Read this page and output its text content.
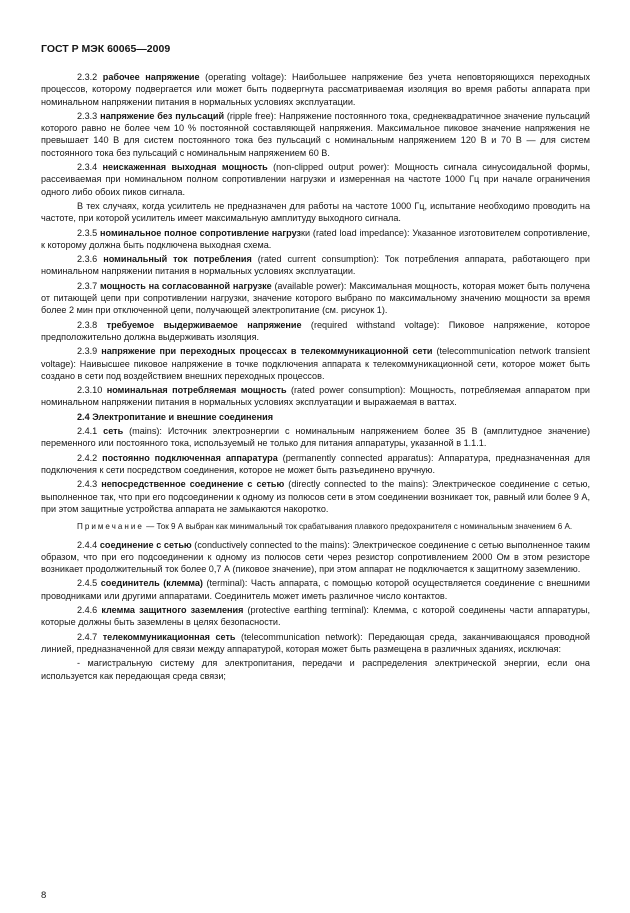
ГОСТ Р МЭК 60065—2009
2.3.2 рабочее напряжение (operating voltage): Наибольшее напряжение без учета неповторяющихся переходных процессов, которому подвергается или может быть подвергнута рассматриваемая изоляция во время работы аппарата при номинальном напряжении питания в нормальных условиях эксплуатации.
2.3.3 напряжение без пульсаций (ripple free): Напряжение постоянного тока, среднеквадратичное значение пульсаций которого равно не более чем 10 % постоянной составляющей напряжения. Максимальное пиковое значение напряжения не превышает 140 В для систем постоянного тока без пульсаций с номинальным напряжением 120 В и 70 В — для систем постоянного тока без пульсаций с номинальным напряжением 60 В.
2.3.4 неискаженная выходная мощность (non-clipped output power): Мощность сигнала синусоидальной формы, рассеиваемая при номинальном полном сопротивлении нагрузки и измеренная на частоте 1000 Гц при начале ограничения одного либо обоих пиков сигнала.
В тех случаях, когда усилитель не предназначен для работы на частоте 1000 Гц, испытание необходимо проводить на частоте, при которой усилитель имеет максимальную амплитуду выходного сигнала.
2.3.5 номинальное полное сопротивление нагрузки (rated load impedance): Указанное изготовителем сопротивление, к которому должна быть подключена выходная схема.
2.3.6 номинальный ток потребления (rated current consumption): Ток потребления аппарата, работающего при номинальном напряжении питания в нормальных условиях эксплуатации.
2.3.7 мощность на согласованной нагрузке (available power): Максимальная мощность, которая может быть получена от питающей цепи при сопротивлении нагрузки, значение которого выбрано по максимальному значению мощности за время более 2 мин при отключенной цепи, получающей электропитание (см. рисунок 1).
2.3.8 требуемое выдерживаемое напряжение (required withstand voltage): Пиковое напряжение, которое предположительно должна выдерживать изоляция.
2.3.9 напряжение при переходных процессах в телекоммуникационной сети (telecommunication network transient voltage): Наивысшее пиковое напряжение в точке подключения аппарата к телекоммуникационной сети, которое может быть создано в сети под воздействием внешних переходных процессов.
2.3.10 номинальная потребляемая мощность (rated power consumption): Мощность, потребляемая аппаратом при номинальном напряжении питания в нормальных условиях эксплуатации и выражаемая в ваттах.
2.4 Электропитание и внешние соединения
2.4.1 сеть (mains): Источник электроэнергии с номинальным напряжением более 35 В (амплитудное значение) переменного или постоянного тока, используемый не только для питания аппаратуры, указанной в 1.1.1.
2.4.2 постоянно подключенная аппаратура (permanently connected apparatus): Аппаратура, предназначенная для подключения к сети посредством соединения, которое не может быть разъединено вручную.
2.4.3 непосредственное соединение с сетью (directly connected to the mains): Электрическое соединение с сетью, выполненное так, что при его подсоединении к одному из полюсов сети в этом соединении возникает ток, равный или более 9 А, при этом защитные устройства аппарата не замыкаются накоротко.
Примечание — Ток 9 А выбран как минимальный ток срабатывания плавкого предохранителя с номинальным значением 6 А.
2.4.4 соединение с сетью (conductively connected to the mains): Электрическое соединение с сетью выполненное таким образом, что при его подсоединении к одному из полюсов сети через резистор сопротивлением 2000 Ом в этом резисторе возникает продолжительный ток более 0,7 А (пиковое значение), при этом аппарат не подключается к защитному заземлению.
2.4.5 соединитель (клемма) (terminal): Часть аппарата, с помощью которой осуществляется соединение с внешними проводниками или другими аппаратами. Соединитель может иметь различное число контактов.
2.4.6 клемма защитного заземления (protective earthing terminal): Клемма, с которой соединены части аппаратуры, которые должны быть заземлены в целях безопасности.
2.4.7 телекоммуникационная сеть (telecommunication network): Передающая среда, заканчивающаяся проводной линией, предназначенной для связи между аппаратурой, которая может быть размещена в различных зданиях, исключая:
- магистральную систему для электропитания, передачи и распределения электрической энергии, если она используется как передающая среда связи;
8
